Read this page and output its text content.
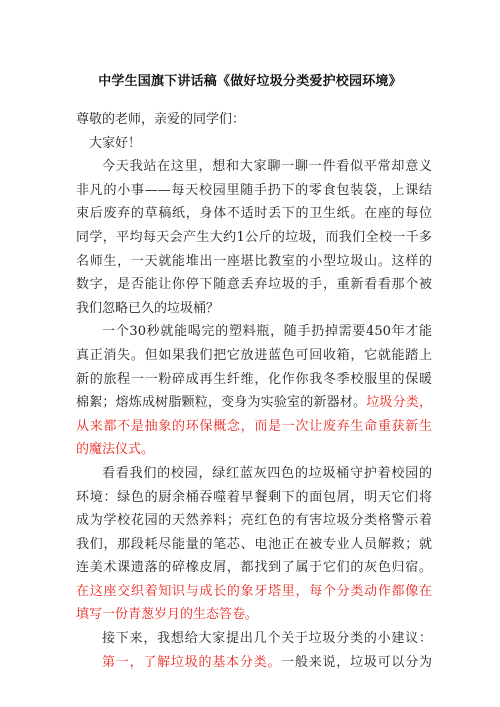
中学生国旗下讲话稿《做好垃圾分类爱护校园环境》
尊敬的老师，亲爱的同学们：
大家好！
今天我站在这里，想和大家聊一聊一件看似平常却意义
非凡的小事——每天校园里随手扔下的零食包装袋，上课结
束后废弃的草稿纸，身体不适时丢下的卫生纸。在座的每位
同学，平均每天会产生大约1公斤的垃圾，而我们全校一千多
名师生，一天就能堆出一座堪比教室的小型垃圾山。这样的
数字，是否能让你停下随意丢弃垃圾的手，重新看看那个被
我们忽略已久的垃圾桶？
一个30秒就能喝完的塑料瓶，随手扔掉需要450年才能
真正消失。但如果我们把它放进蓝色可回收箱，它就能踏上
新的旅程一一粉碎成再生纤维，化作你我冬季校服里的保暖
棉絮；熔炼成树脂颗粒，变身为实验室的新器材。垃圾分类，
从来都不是抽象的环保概念，而是一次让废弃生命重获新生
的魔法仪式。
看看我们的校园，绿红蓝灰四色的垃圾桶守护着校园的
环境：绿色的厨余桶吞噬着早餐剩下的面包屑，明天它们将
成为学校花园的天然养料；亮红色的有害垃圾分类格警示着
我们，那段耗尽能量的笔芯、电池正在被专业人员解救；就
连美术课遗落的碎橡皮屑，都找到了属于它们的灰色归宿。
在这座交织着知识与成长的象牙塔里，每个分类动作都像在
填写一份青葱岁月的生态答卷。
接下来，我想给大家提出几个关于垃圾分类的小建议：
第一，了解垃圾的基本分类。一般来说，垃圾可以分为
